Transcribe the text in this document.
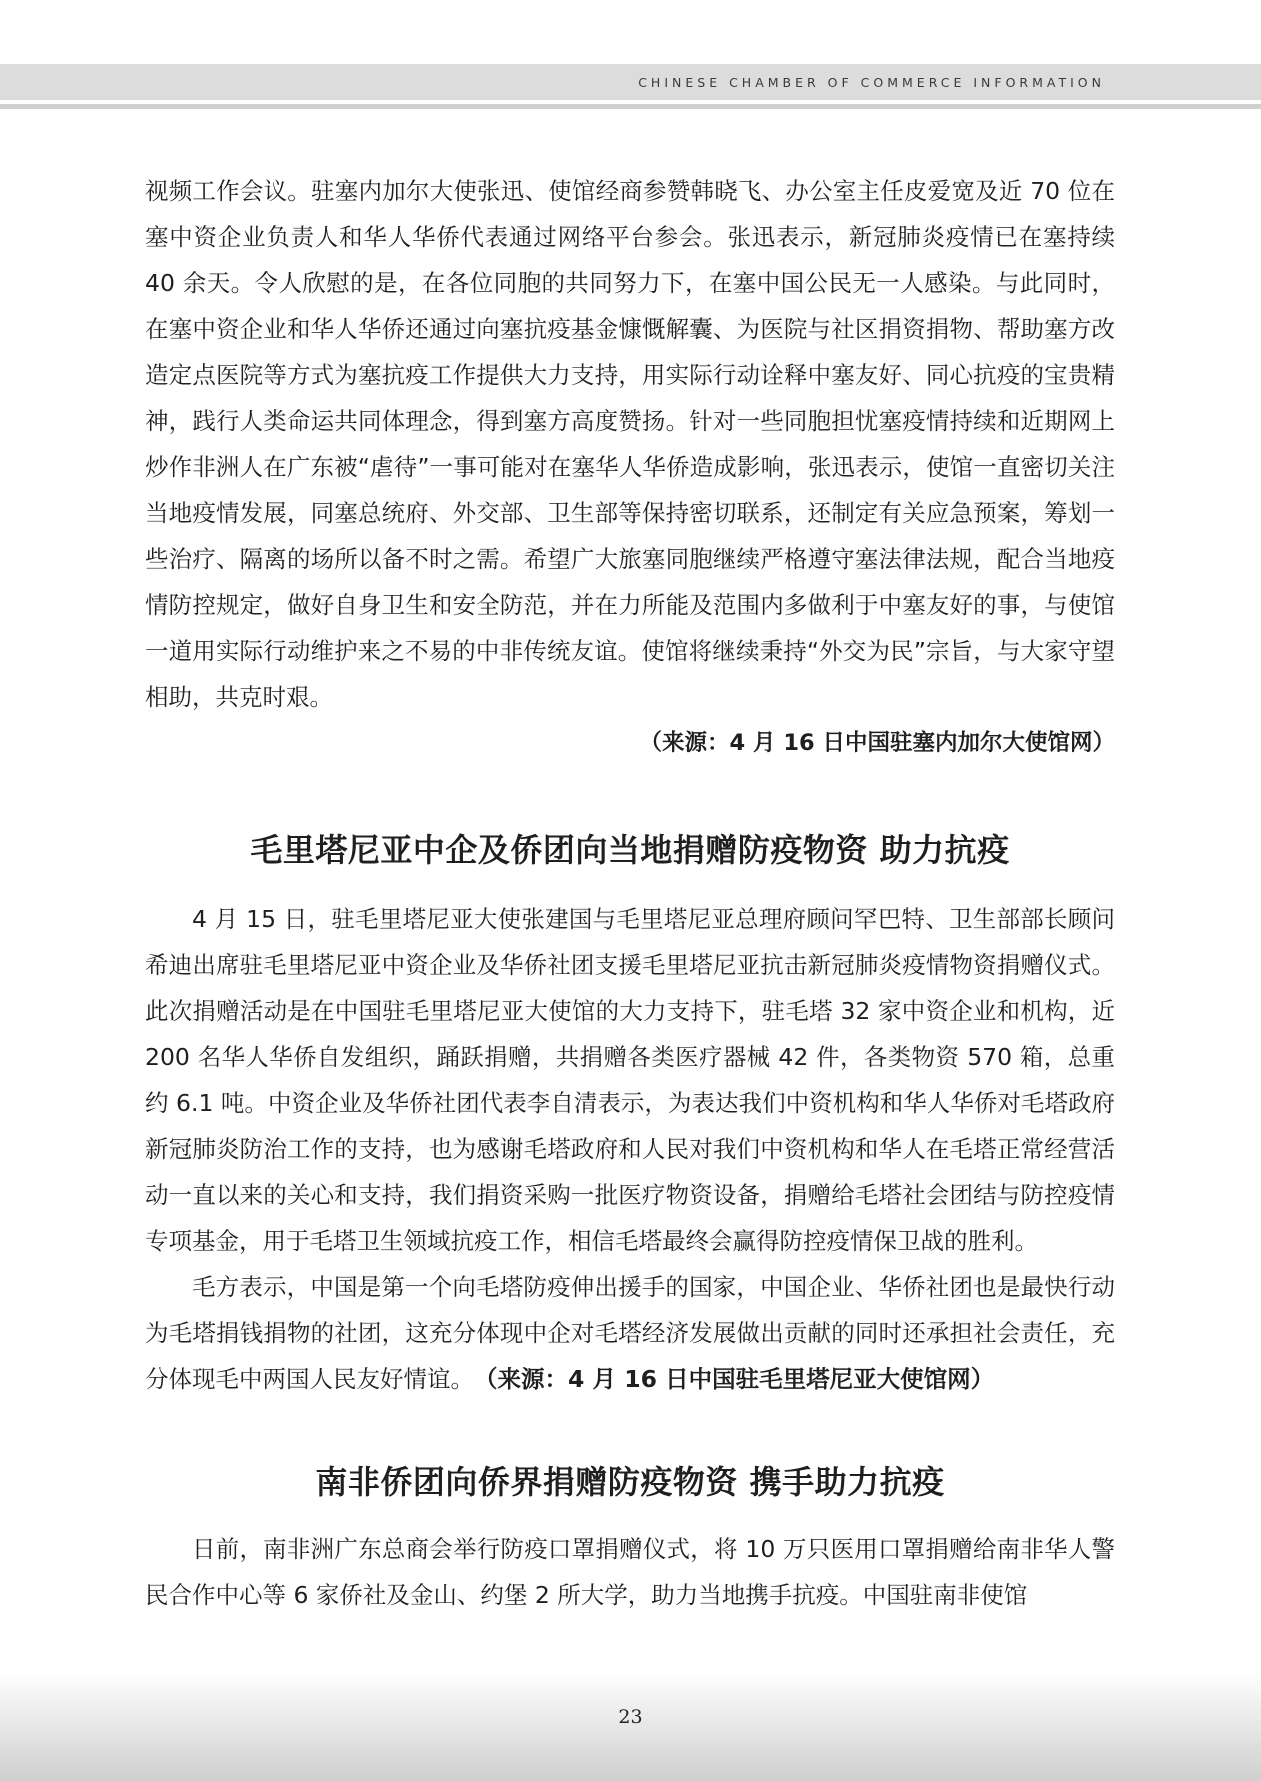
CHINESE CHAMBER OF COMMERCE INFORMATION

视频工作会议。驻塞内加尔大使张迅、使馆经商参赞韩晓飞、办公室主任皮爱宽及近 70 位在塞中资企业负责人和华人华侨代表通过网络平台参会。张迅表示，新冠肺炎疫情已在塞持续 40 余天。令人欣慰的是，在各位同胞的共同努力下，在塞中国公民无一人感染。与此同时，在塞中资企业和华人华侨还通过向塞抗疫基金慷慨解囊、为医院与社区捐资捐物、帮助塞方改造定点医院等方式为塞抗疫工作提供大力支持，用实际行动诠释中塞友好、同心抗疫的宝贵精神，践行人类命运共同体理念，得到塞方高度赞扬。针对一些同胞担忧塞疫情持续和近期网上炒作非洲人在广东被“虐待”一事可能对在塞华人华侨造成影响，张迅表示，使馆一直密切关注当地疫情发展，同塞总统府、外交部、卫生部等保持密切联系，还制定有关应急预案，筹划一些治疗、隔离的场所以备不时之需。希望广大旅塞同胞继续严格遵守塞法律法规，配合当地疫情防控规定，做好自身卫生和安全防范，并在力所能及范围内多做利于中塞友好的事，与使馆一道用实际行动维护来之不易的中非传统友谊。使馆将继续秉持“外交为民”宗旨，与大家守望相助，共克时艰。

（来源：4 月 16 日中国驻塞内加尔大使馆网）

毛里塔尼亚中企及侨团向当地捐赠防疫物资 助力抗疫

4 月 15 日，驻毛里塔尼亚大使张建国与毛里塔尼亚总理府顾问罕巴特、卫生部部长顾问希迪出席驻毛里塔尼亚中资企业及华侨社团支援毛里塔尼亚抗击新冠肺炎疫情物资捐赠仪式。此次捐赠活动是在中国驻毛里塔尼亚大使馆的大力支持下，驻毛塔 32 家中资企业和机构，近 200 名华人华侨自发组织，踊跃捐赠，共捐赠各类医疗器械 42 件，各类物资 570 箱，总重约 6.1 吨。中资企业及华侨社团代表李自清表示，为表达我们中资机构和华人华侨对毛塔政府新冠肺炎防治工作的支持，也为感谢毛塔政府和人民对我们中资机构和华人在毛塔正常经营活动一直以来的关心和支持，我们捐资采购一批医疗物资设备，捐赠给毛塔社会团结与防控疫情专项基金，用于毛塔卫生领域抗疫工作，相信毛塔最终会赢得防控疫情保卫战的胜利。

毛方表示，中国是第一个向毛塔防疫伸出援手的国家，中国企业、华侨社团也是最快行动为毛塔捐钱捐物的社团，这充分体现中企对毛塔经济发展做出贡献的同时还承担社会责任，充分体现毛中两国人民友好情谊。　 （来源：4 月 16 日中国驻毛里塔尼亚大使馆网）

南非侨团向侨界捐赠防疫物资 携手助力抗疫

日前，南非洲广东总商会举行防疫口罩捐赠仪式，将 10 万只医用口罩捐赠给南非华人警民合作中心等 6 家侨社及金山、约堡 2 所大学，助力当地携手抗疫。中国驻南非使馆

23
